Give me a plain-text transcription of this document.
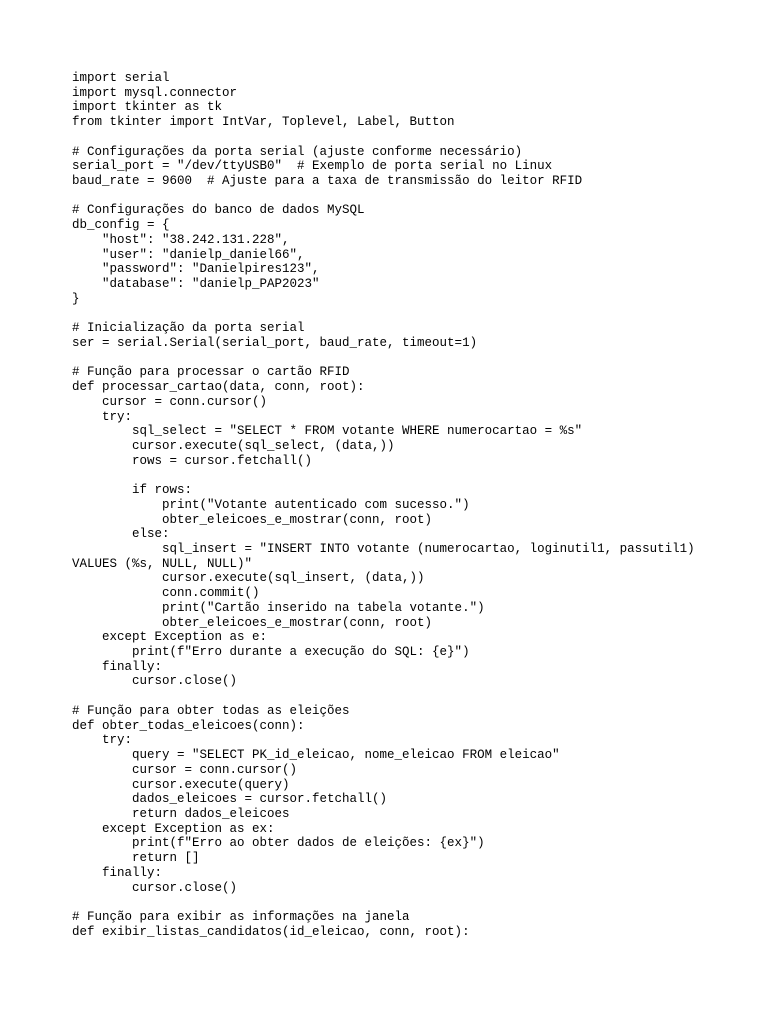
import serial
import mysql.connector
import tkinter as tk
from tkinter import IntVar, Toplevel, Label, Button
# Configurações da porta serial (ajuste conforme necessário)
serial_port = "/dev/ttyUSB0"  # Exemplo de porta serial no Linux
baud_rate = 9600  # Ajuste para a taxa de transmissão do leitor RFID
# Configurações do banco de dados MySQL
db_config = {
"host": "38.242.131.228",
"user": "danielp_daniel66",
"password": "Danielpires123",
"database": "danielp_PAP2023"
}
# Inicialização da porta serial
ser = serial.Serial(serial_port, baud_rate, timeout=1)
# Função para processar o cartão RFID
def processar_cartao(data, conn, root):
cursor = conn.cursor()
try:
sql_select = "SELECT * FROM votante WHERE numerocartao = %s"
cursor.execute(sql_select, (data,))
rows = cursor.fetchall()
if rows:
print("Votante autenticado com sucesso.")
obter_eleicoes_e_mostrar(conn, root)
else:
sql_insert = "INSERT INTO votante (numerocartao, loginutil1, passutil1)
VALUES (%s, NULL, NULL)"
cursor.execute(sql_insert, (data,))
conn.commit()
print("Cartão inserido na tabela votante.")
obter_eleicoes_e_mostrar(conn, root)
except Exception as e:
print(f"Erro durante a execução do SQL: {e}")
finally:
cursor.close()
# Função para obter todas as eleições
def obter_todas_eleicoes(conn):
try:
query = "SELECT PK_id_eleicao, nome_eleicao FROM eleicao"
cursor = conn.cursor()
cursor.execute(query)
dados_eleicoes = cursor.fetchall()
return dados_eleicoes
except Exception as ex:
print(f"Erro ao obter dados de eleições: {ex}")
return []
finally:
cursor.close()
# Função para exibir as informações na janela
def exibir_listas_candidatos(id_eleicao, conn, root):
